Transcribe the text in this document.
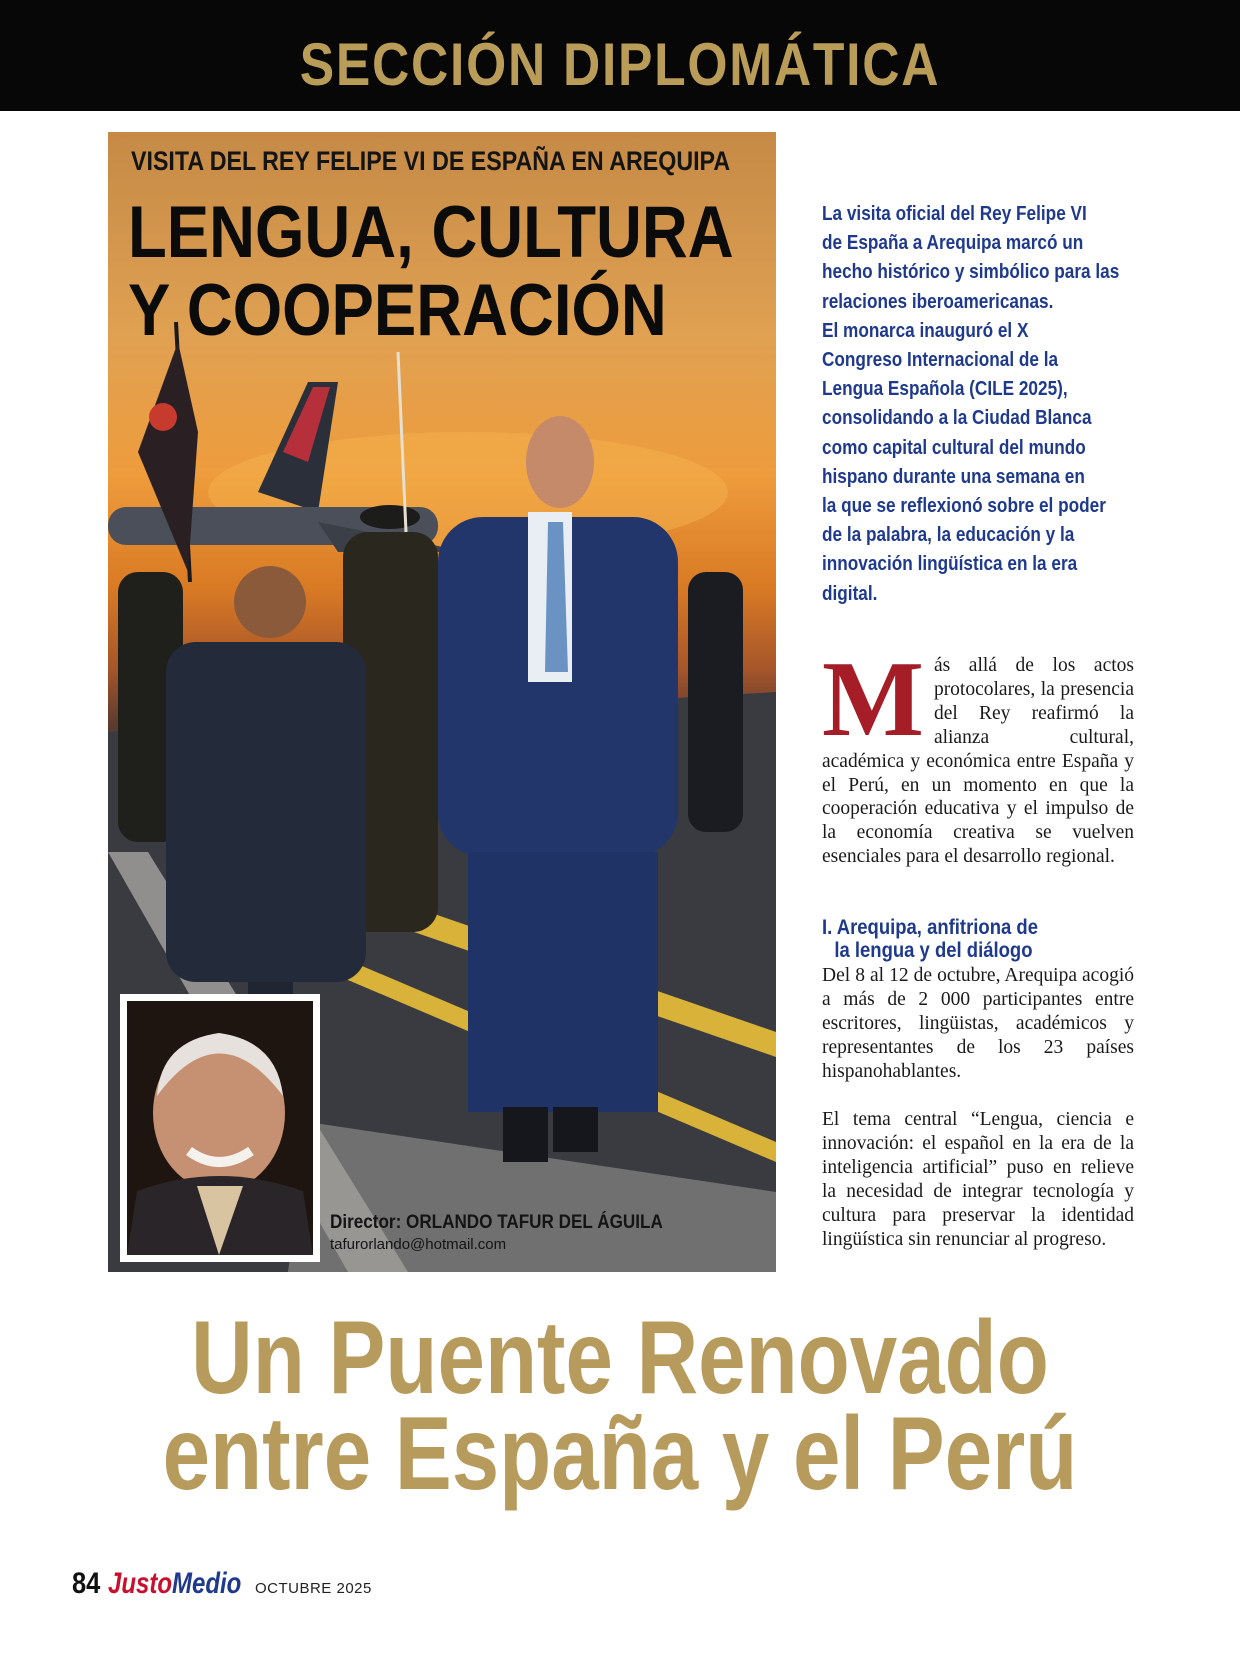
SECCIÓN DIPLOMÁTICA
VISITA DEL REY FELIPE VI DE ESPAÑA EN AREQUIPA
LENGUA, CULTURA
Y COOPERACIÓN
Director: ORLANDO TAFUR DEL ÁGUILA
tafurorlando@hotmail.com

La visita oficial del Rey Felipe VI

de España a Arequipa marcó un

hecho histórico y simbólico para las

relaciones iberoamericanas.

El monarca inauguró el X

Congreso Internacional de la

Lengua Española (CILE 2025),

consolidando a la Ciudad Blanca

como capital cultural del mundo

hispano durante una semana en

la que se reflexionó sobre el poder

de la palabra, la educación y la

innovación lingüística en la era

digital.

M ás allá de los actos protocolares, la presencia del Rey reafirmó la alianza cultural, académica y económica entre España y el Perú, en un momento en que la cooperación educativa y el impulso de la economía creativa se vuelven esenciales para el desarrollo regional.

I. Arequipa, anfitriona de
la lengua y del diálogo

Del 8 al 12 de octubre, Arequipa acogió a más de 2 000 participantes entre escritores, lingüistas, académicos y representantes de los 23 países hispanohablantes.

El tema central “Lengua, ciencia e innovación: el español en la era de la inteligencia artificial” puso en relieve la necesidad de integrar tecnología y cultura para preservar la identidad lingüística sin renunciar al progreso.

Un Puente Renovado
entre España y el Perú
84 JustoMedio OCTUBRE 2025
